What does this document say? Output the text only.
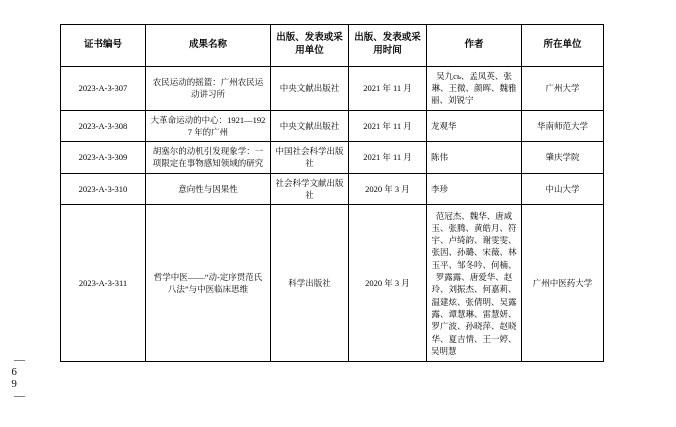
—
69
—
证书编号	成果名称	出版、发表或采用单位	出版、发表或采用时间	作者	所在单位
2023-A-3-307	农民运动的摇篮：广州农民运动讲习所	中央文献出版社	2021 年 11 月	吴九сь、孟凤英、张琳、王微、颜晖、魏雅丽、刘锐宁	广州大学
2023-A-3-308	大革命运动的中心：1921—1927 年的广州	中央文献出版社	2021 年 11 月	龙观华	华南师范大学
2023-A-3-309	胡塞尔的动机引发现象学：一项限定在事物感知领域的研究	中国社会科学出版社	2021 年 11 月	陈伟	肇庆学院
2023-A-3-310	意向性与因果性	社会科学文献出版社	2020 年 3 月	李珍	中山大学
2023-A-3-311	哲学中医——“动-定序贯范氏八法”与中医临床思维	科学出版社	2020 年 3 月	范冠杰、魏华、唐咸玉、张腾、黄皓月、符宇、卢绮韵、谢雯雯、张因、孙璐、宋薇、林玉平、邹冬吟、何楠、罗露露、唐爱华、赵玲、刘振杰、何嘉莉、温建炫、张倩明、吴露露、谭慧琳、雷慧妍、罗广波、孙晓萍、赵晓华、夏吉情、王一婷、吴明慧	广州中医药大学
